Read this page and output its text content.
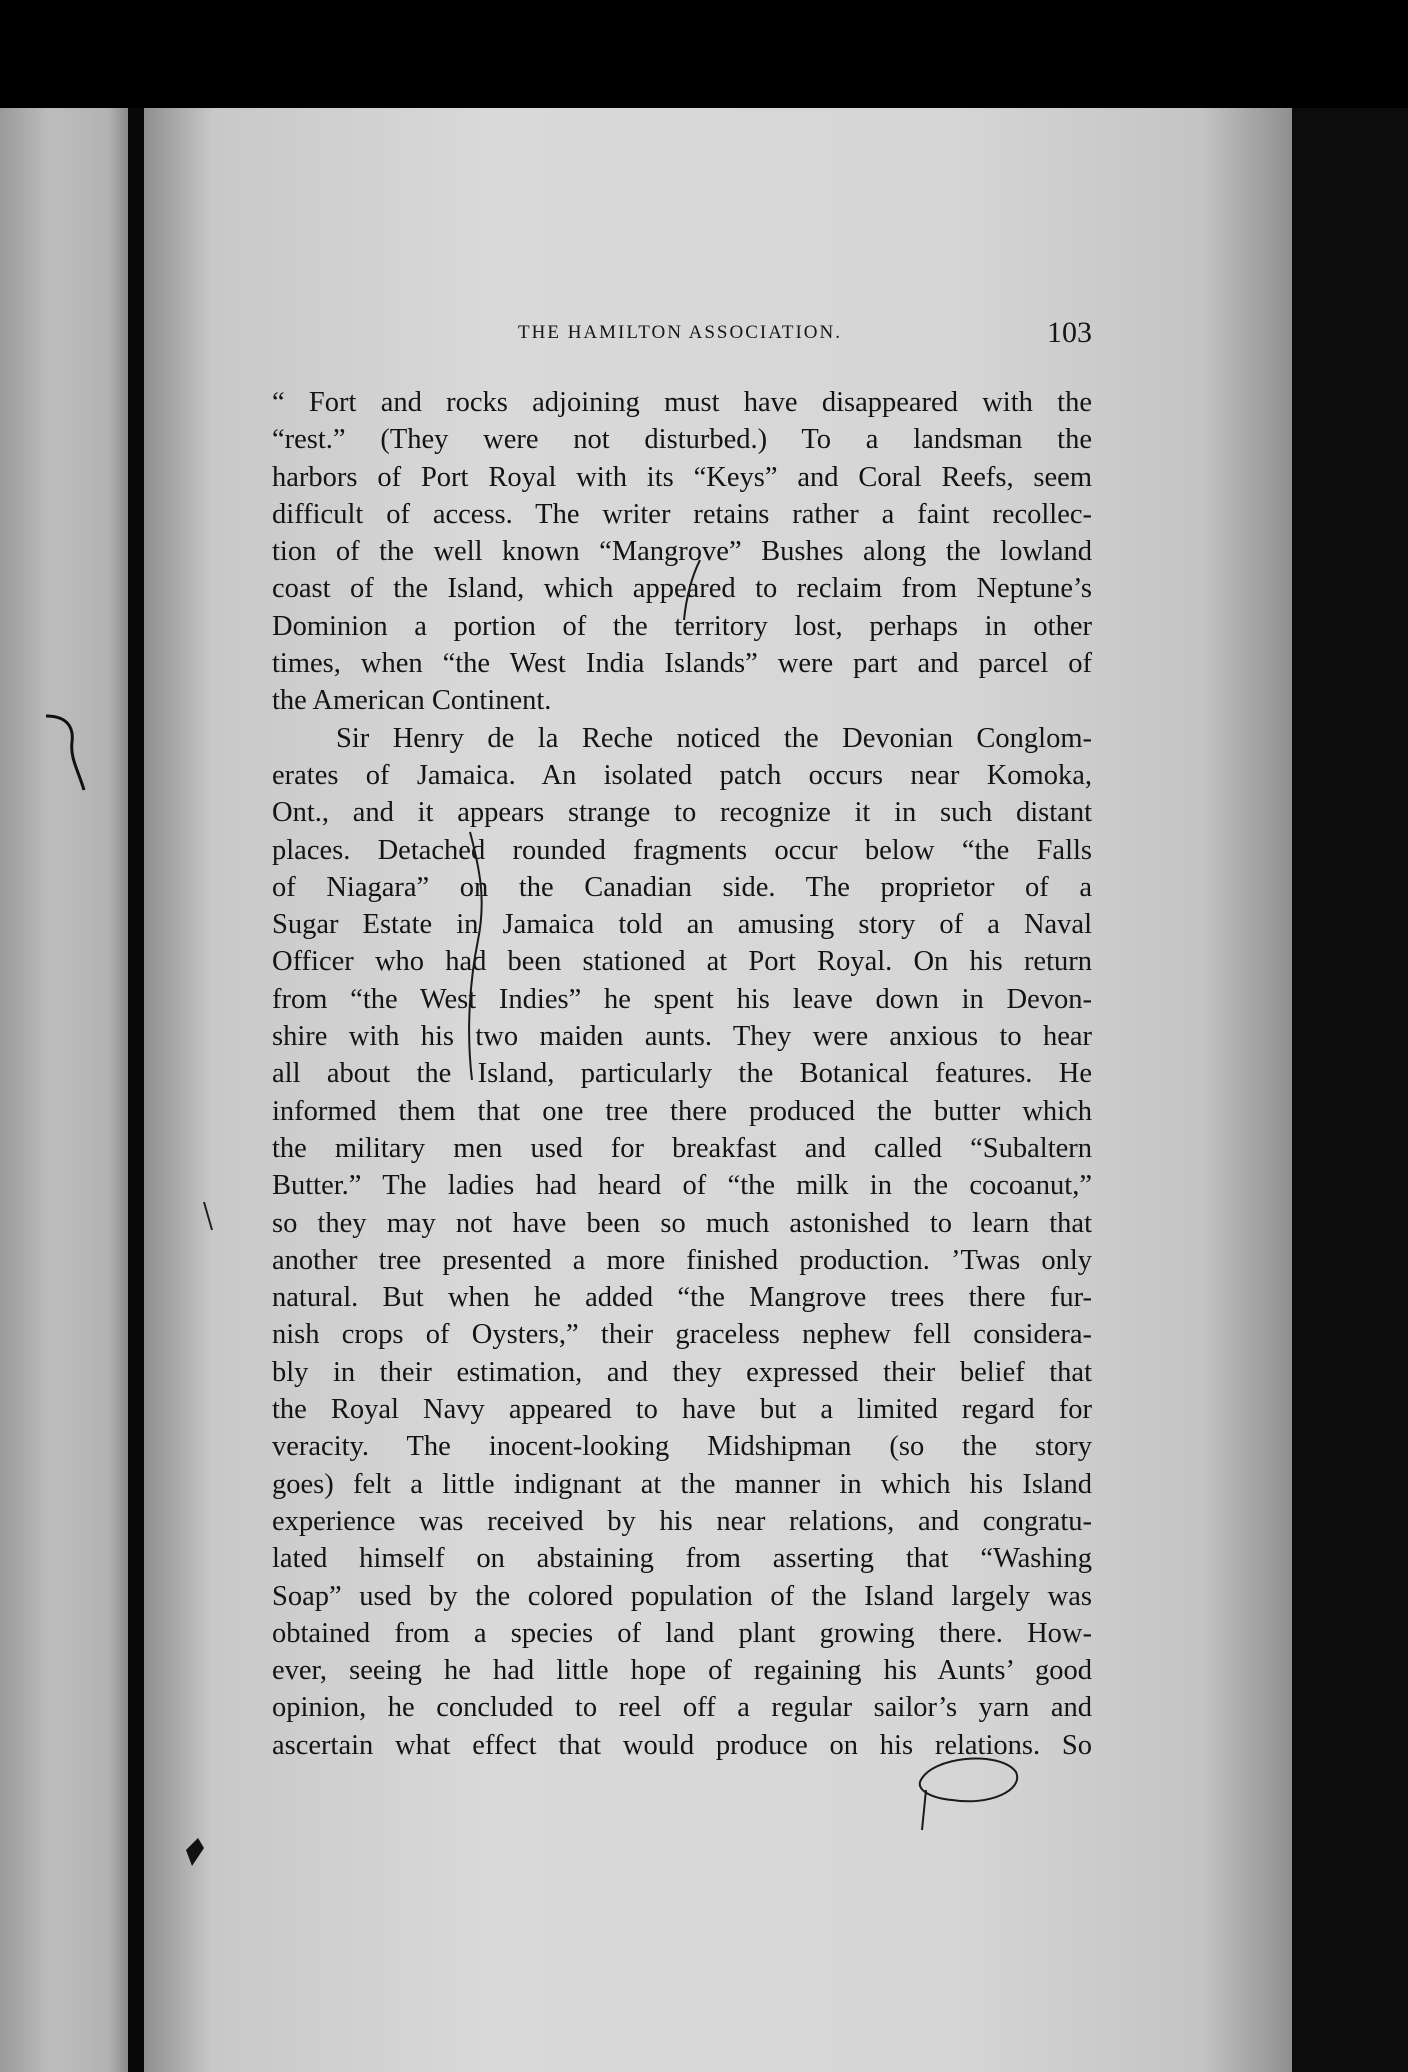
THE HAMILTON ASSOCIATION.	103
“ Fort and rocks adjoining must have disappeared with the
“rest.” (They were not disturbed.) To a landsman the
harbors of Port Royal with its “Keys” and Coral Reefs, seem
difficult of access. The writer retains rather a faint recollec-
tion of the well known “Mangrove” Bushes along the lowland
coast of the Island, which appeared to reclaim from Neptune’s
Dominion a portion of the territory lost, perhaps in other
times, when “the West India Islands” were part and parcel of
the American Continent.
Sir Henry de la Reche noticed the Devonian Conglom-
erates of Jamaica. An isolated patch occurs near Komoka,
Ont., and it appears strange to recognize it in such distant
places. Detached rounded fragments occur below “the Falls
of Niagara” on the Canadian side. The proprietor of a
Sugar Estate in Jamaica told an amusing story of a Naval
Officer who had been stationed at Port Royal. On his return
from “the West Indies” he spent his leave down in Devon-
shire with his two maiden aunts. They were anxious to hear
all about the Island, particularly the Botanical features. He
informed them that one tree there produced the butter which
the military men used for breakfast and called “Subaltern
Butter.” The ladies had heard of “the milk in the cocoanut,”
so they may not have been so much astonished to learn that
another tree presented a more finished production. ’Twas only
natural. But when he added “the Mangrove trees there fur-
nish crops of Oysters,” their graceless nephew fell considera-
bly in their estimation, and they expressed their belief that
the Royal Navy appeared to have but a limited regard for
veracity. The inocent-looking Midshipman (so the story
goes) felt a little indignant at the manner in which his Island
experience was received by his near relations, and congratu-
lated himself on abstaining from asserting that “Washing
Soap” used by the colored population of the Island largely was
obtained from a species of land plant growing there. How-
ever, seeing he had little hope of regaining his Aunts’ good
opinion, he concluded to reel off a regular sailor’s yarn and
ascertain what effect that would produce on his relations. So
